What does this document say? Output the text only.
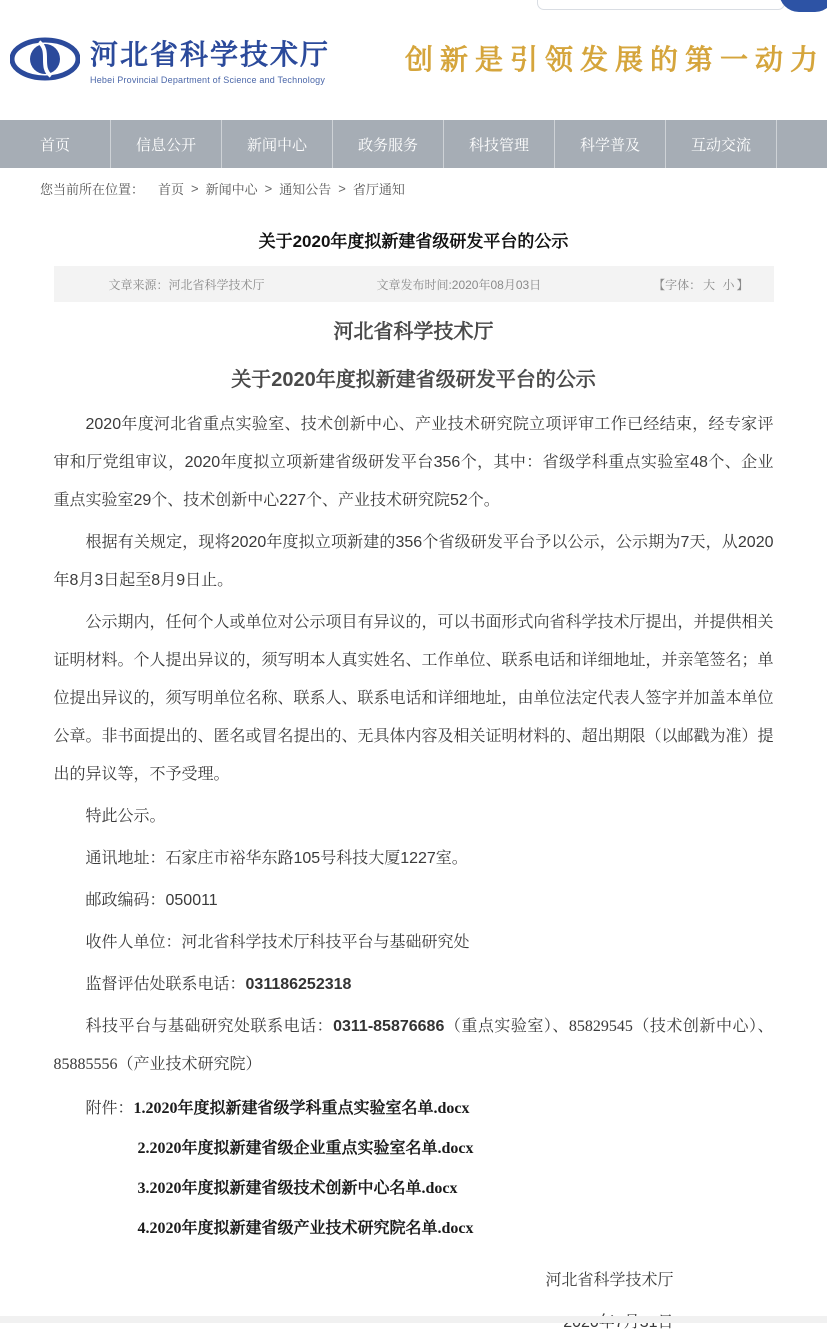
河北省科学技术厅
Hebei Provincial Department of Science and Technology
创新是引领发展的第一动力
首页	信息公开	新闻中心	政务服务	科技管理	科学普及	互动交流
您当前所在位置： 首页 > 新闻中心 > 通知公告 > 省厅通知
关于2020年度拟新建省级研发平台的公示
文章来源：河北省科学技术厅	文章发布时间:2020年08月03日	【字体： 大 小 】
河北省科学技术厅
关于2020年度拟新建省级研发平台的公示

2020年度河北省重点实验室、技术创新中心、产业技术研究院立项评审工作已经结束，经专家评审和厅党组审议，2020年度拟立项新建省级研发平台356个，其中：省级学科重点实验室48个、企业重点实验室29个、技术创新中心227个、产业技术研究院52个。

根据有关规定，现将2020年度拟立项新建的356个省级研发平台予以公示，公示期为7天，从2020年8月3日起至8月9日止。

公示期内，任何个人或单位对公示项目有异议的，可以书面形式向省科学技术厅提出，并提供相关证明材料。个人提出异议的，须写明本人真实姓名、工作单位、联系电话和详细地址，并亲笔签名；单位提出异议的，须写明单位名称、联系人、联系电话和详细地址，由单位法定代表人签字并加盖本单位公章。非书面提出的、匿名或冒名提出的、无具体内容及相关证明材料的、超出期限（以邮戳为准）提出的异议等，不予受理。

特此公示。

通讯地址：石家庄市裕华东路105号科技大厦1227室。

邮政编码：050011

收件人单位：河北省科学技术厅科技平台与基础研究处

监督评估处联系电话：031186252318

科技平台与基础研究处联系电话：0311-85876686（重点实验室）、85829545（技术创新中心）、85885556（产业技术研究院）

附件：1.2020年度拟新建省级学科重点实验室名单.docx
2.2020年度拟新建省级企业重点实验室名单.docx
3.2020年度拟新建省级技术创新中心名单.docx
4.2020年度拟新建省级产业技术研究院名单.docx
河北省科学技术厅
